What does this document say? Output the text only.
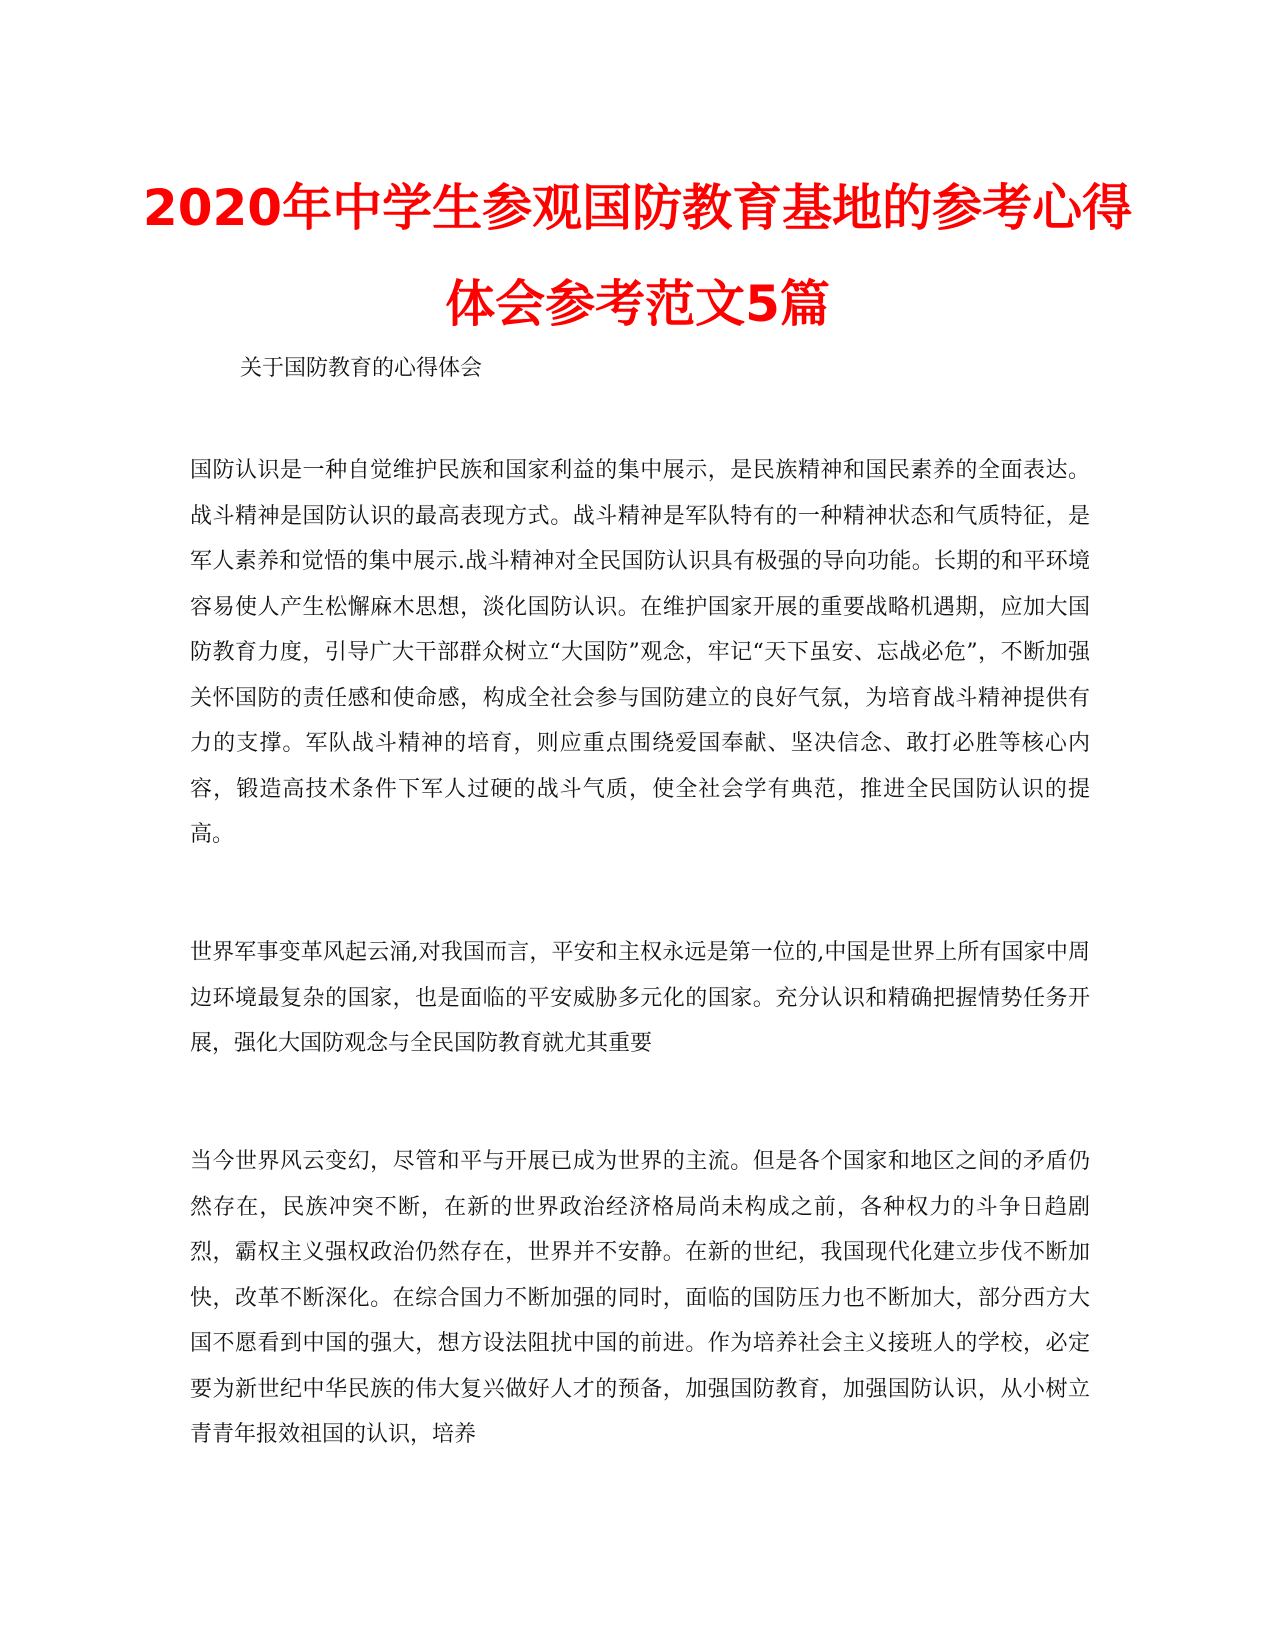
2020年中学生参观国防教育基地的参考心得体会参考范文5篇

关于国防教育的心得体会

国防认识是一种自觉维护民族和国家利益的集中展示，是民族精神和国民素养的全面表达。战斗精神是国防认识的最高表现方式。战斗精神是军队特有的一种精神状态和气质特征，是军人素养和觉悟的集中展示.战斗精神对全民国防认识具有极强的导向功能。长期的和平环境容易使人产生松懈麻木思想，淡化国防认识。在维护国家开展的重要战略机遇期，应加大国防教育力度，引导广大干部群众树立“大国防”观念，牢记“天下虽安、忘战必危”，不断加强关怀国防的责任感和使命感，构成全社会参与国防建立的良好气氛，为培育战斗精神提供有力的支撑。军队战斗精神的培育，则应重点围绕爱国奉献、坚决信念、敢打必胜等核心内容，锻造高技术条件下军人过硬的战斗气质，使全社会学有典范，推进全民国防认识的提高。

世界军事变革风起云涌,对我国而言，平安和主权永远是第一位的,中国是世界上所有国家中周边环境最复杂的国家，也是面临的平安威胁多元化的国家。充分认识和精确把握情势任务开展，强化大国防观念与全民国防教育就尤其重要

当今世界风云变幻，尽管和平与开展已成为世界的主流。但是各个国家和地区之间的矛盾仍然存在，民族冲突不断，在新的世界政治经济格局尚未构成之前，各种权力的斗争日趋剧烈，霸权主义强权政治仍然存在，世界并不安静。在新的世纪，我国现代化建立步伐不断加快，改革不断深化。在综合国力不断加强的同时，面临的国防压力也不断加大，部分西方大国不愿看到中国的强大，想方设法阻扰中国的前进。作为培养社会主义接班人的学校，必定要为新世纪中华民族的伟大复兴做好人才的预备，加强国防教育，加强国防认识，从小树立青青年报效祖国的认识，培养
